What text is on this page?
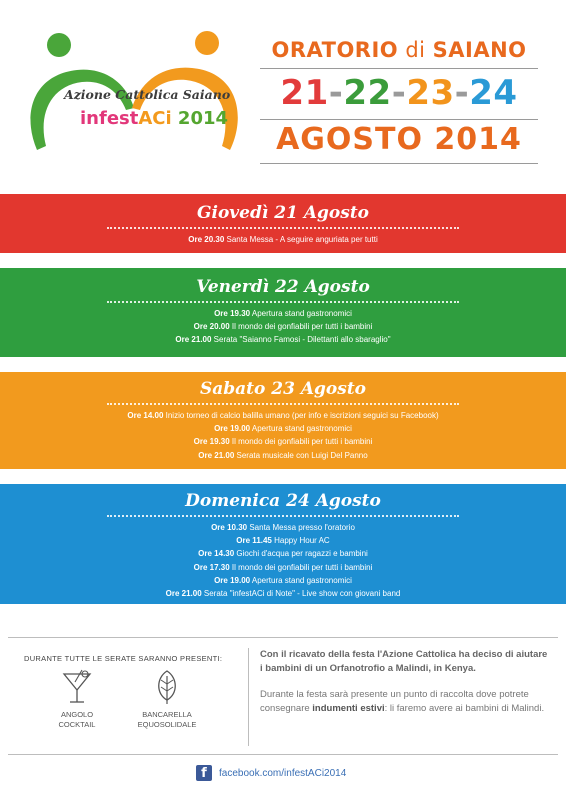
Azione Cattolica Saiano
infestACi 2014
ORATORIO di SAIANO
21-22-23-24
AGOSTO 2014
Giovedì 21 Agosto
Ore 20.30 Santa Messa - A seguire anguriata per tutti
Venerdì 22 Agosto
Ore 19.30 Apertura stand gastronomici
Ore 20.00 Il mondo dei gonfiabili per tutti i bambini
Ore 21.00 Serata "Saianno Famosi - Dilettanti allo sbaraglio"
Sabato 23 Agosto
Ore 14.00 Inizio torneo di calcio balilla umano (per info e iscrizioni seguici su Facebook)
Ore 19.00 Apertura stand gastronomici
Ore 19.30 Il mondo dei gonfiabili per tutti i bambini
Ore 21.00 Serata musicale con Luigi Del Panno
Domenica 24 Agosto
Ore 10.30 Santa Messa presso l'oratorio
Ore 11.45 Happy Hour AC
Ore 14.30 Giochi d'acqua per ragazzi e bambini
Ore 17.30 Il mondo dei gonfiabili per tutti i bambini
Ore 19.00 Apertura stand gastronomici
Ore 21.00 Serata "infestACi di Note" - Live show con giovani band
DURANTE TUTTE LE SERATE SARANNO PRESENTI:
ANGOLO
COCKTAIL
BANCARELLA
EQUOSOLIDALE
Con il ricavato della festa l'Azione Cattolica ha deciso di aiutare i bambini di un Orfanotrofio a Malindi, in Kenya.
Durante la festa sarà presente un punto di raccolta dove potrete consegnare indumenti estivi: li faremo avere ai bambini di Malindi.
f	facebook.com/infestACi2014
